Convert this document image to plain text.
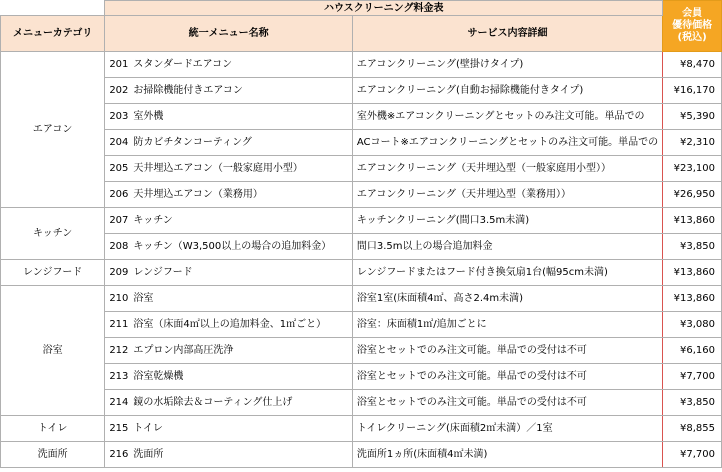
	ハウスクリーニング料金表		会員
優待価格
(税込)
メニューカテゴリ	統一メニュー名称	サービス内容詳細	
エアコン	201 スタンダードエアコン	エアコンクリーニング(壁掛けタイプ)	¥8,470
	202 お掃除機能付きエアコン	エアコンクリーニング(自動お掃除機能付きタイプ)	¥16,170
	203 室外機	室外機※エアコンクリーニングとセットのみ注文可能。単品での	¥5,390
	204 防カビチタンコーティング	ACコート※エアコンクリーニングとセットのみ注文可能。単品での	¥2,310
	205 天井埋込エアコン（一般家庭用小型）	エアコンクリーニング（天井埋込型（一般家庭用小型））	¥23,100
	206 天井埋込エアコン（業務用）	エアコンクリーニング（天井埋込型（業務用））	¥26,950
キッチン	207 キッチン	キッチンクリーニング(間口3.5m未満)	¥13,860
	208 キッチン（W3,500以上の場合の追加料金）	間口3.5m以上の場合追加料金	¥3,850
レンジフード	209 レンジフード	レンジフードまたはフード付き換気扇1台(幅95cm未満)	¥13,860
浴室	210 浴室	浴室1室(床面積4㎡、高さ2.4m未満)	¥13,860
	211 浴室（床面4㎡以上の追加料金、1㎡ごと）	浴室：床面積1㎡/追加ごとに	¥3,080
	212 エプロン内部高圧洗浄	浴室とセットでのみ注文可能。単品での受付は不可	¥6,160
	213 浴室乾燥機	浴室とセットでのみ注文可能。単品での受付は不可	¥7,700
	214 鏡の水垢除去＆コーティング仕上げ	浴室とセットでのみ注文可能。単品での受付は不可	¥3,850
トイレ	215 トイレ	トイレクリーニング(床面積2㎡未満）／1室	¥8,855
洗面所	216 洗面所	洗面所1ヵ所(床面積4㎡未満)	¥7,700
